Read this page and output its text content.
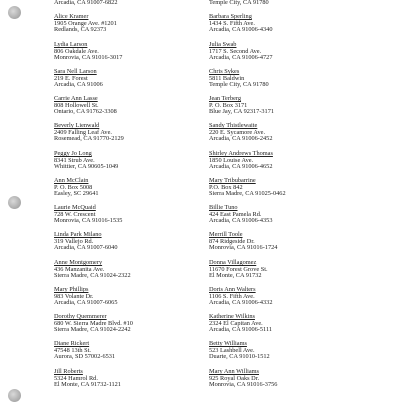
Arcadia, CA 91007-6822
Alice Kramer
1905 Orange Ave. #1201
Redlands, CA 92373
Lydia Larson
806 Oakdale Ave.
Monrovia, CA 91016-3017
Sara Nell Larson
219 E. Forest
Arcadia, CA 91006
Carrie Ann Lasse
808 Hollowell St.
Ontario, CA 91762-3308
Beverly Lienwald
2409 Falling Leaf Ave.
Rosemead, CA 91770-2129
Peggy Jo Long
8341 Strub Ave.
Whittier, CA 90605-1049
Ann McClain
P. O. Box 5008
Easley, SC 29641
Laurie McQuaid
728 W. Crescent
Monrovia, CA 91016-1535
Linda Park Milano
319 Vallejo Rd.
Arcadia, CA 91007-6040
Anne Montgomery
436 Manzanita Ave.
Sierra Madre, CA 91024-2322
Mary Phillips
983 Volante Dr.
Arcadia, CA 91007-6065
Dorothy Quemmerer
680 W. Sierra Madre Blvd. #10
Sierra Madre, CA 91024-2242
Diane Rickert
47548 13th St.
Aurora, SD 57002-6531
Jill Roberts
5324 Hamrol Rd.
El Monte, CA 91732-1121
Temple City, CA 91780
Barbara Sperling
1434 S. Fifth Ave.
Arcadia, CA 91006-4340
Julia Swab
1717 S. Second Ave.
Arcadia, CA 91006-4727
Chris Sykes
5811 Baldwin
Temple City, CA 91780
Jean Terberg
P. O. Box 3171
Blue Jay, CA 92317-3171
Sandy Thistlewaite
220 E. Sycamore Ave.
Arcadia, CA 91006-2452
Shirley Andrews Thomas
1850 Louise Ave.
Arcadia, CA 91006-4652
Mary Tribubarrine
P.O. Box 842
Sierra Madre, CA 91025-0462
Billie Tuno
424 East Pamela Rd.
Arcadia, CA 91006-4353
Merrill Toole
874 Ridgeside Dr.
Monrovia, CA 91016-1724
Donna Villagomez
11670 Forest Grove St.
El Monte, CA 91732
Doris Ann Walters
1106 S. Fifth Ave.
Arcadia, CA 91006-4332
Katherine Wilkins
2324 El Capitan Ave.
Arcadia, CA 91006-5111
Betty Williams
523 Lashbell Ave.
Duarte, CA 91010-1512
Mary Ann Williams
925 Royal Oaks Dr.
Monrovia, CA 91016-3756
